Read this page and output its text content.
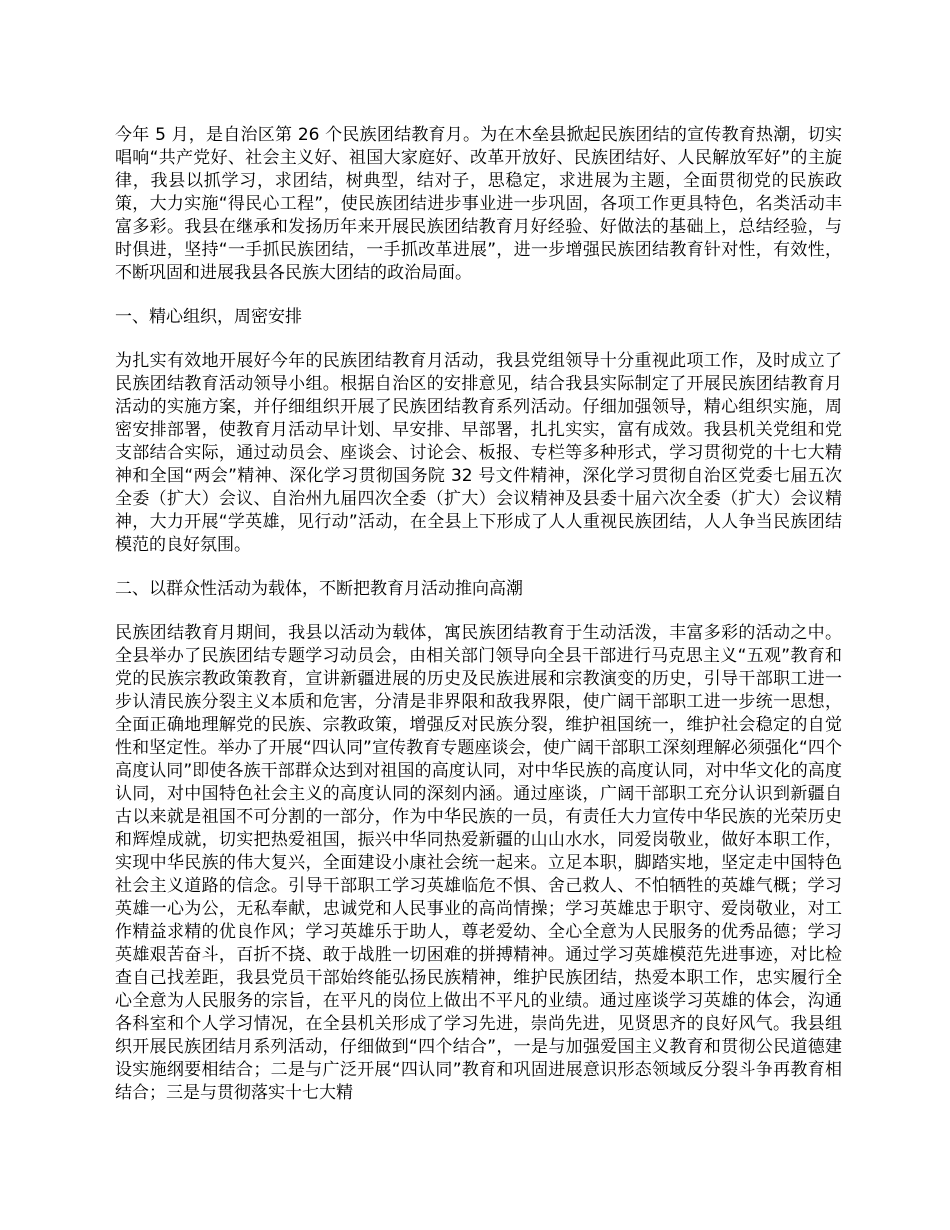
今年 5 月，是自治区第 26 个民族团结教育月。为在木垒县掀起民族团结的宣传教育热潮，切实唱响“共产党好、社会主义好、祖国大家庭好、改革开放好、民族团结好、人民解放军好”的主旋律，我县以抓学习，求团结，树典型，结对子，思稳定，求进展为主题，全面贯彻党的民族政策，大力实施“得民心工程”，使民族团结进步事业进一步巩固，各项工作更具特色，名类活动丰富多彩。我县在继承和发扬历年来开展民族团结教育月好经验、好做法的基础上，总结经验，与时俱进，坚持“一手抓民族团结，一手抓改革进展”，进一步增强民族团结教育针对性，有效性，不断巩固和进展我县各民族大团结的政治局面。

一、精心组织，周密安排

为扎实有效地开展好今年的民族团结教育月活动，我县党组领导十分重视此项工作，及时成立了民族团结教育活动领导小组。根据自治区的安排意见，结合我县实际制定了开展民族团结教育月活动的实施方案，并仔细组织开展了民族团结教育系列活动。仔细加强领导，精心组织实施，周密安排部署，使教育月活动早计划、早安排、早部署，扎扎实实，富有成效。我县机关党组和党支部结合实际，通过动员会、座谈会、讨论会、板报、专栏等多种形式，学习贯彻党的十七大精神和全国“两会”精神、深化学习贯彻国务院 32 号文件精神，深化学习贯彻自治区党委七届五次全委（扩大）会议、自治州九届四次全委（扩大）会议精神及县委十届六次全委（扩大）会议精神，大力开展“学英雄，见行动”活动，在全县上下形成了人人重视民族团结，人人争当民族团结模范的良好氛围。

二、以群众性活动为载体，不断把教育月活动推向高潮

民族团结教育月期间，我县以活动为载体，寓民族团结教育于生动活泼，丰富多彩的活动之中。全县举办了民族团结专题学习动员会，由相关部门领导向全县干部进行马克思主义“五观”教育和党的民族宗教政策教育，宣讲新疆进展的历史及民族进展和宗教演变的历史，引导干部职工进一步认清民族分裂主义本质和危害，分清是非界限和敌我界限，使广阔干部职工进一步统一思想，全面正确地理解党的民族、宗教政策，增强反对民族分裂，维护祖国统一，维护社会稳定的自觉性和坚定性。举办了开展“四认同”宣传教育专题座谈会，使广阔干部职工深刻理解必须强化“四个高度认同”即使各族干部群众达到对祖国的高度认同，对中华民族的高度认同，对中华文化的高度认同，对中国特色社会主义的高度认同的深刻内涵。通过座谈，广阔干部职工充分认识到新疆自古以来就是祖国不可分割的一部分，作为中华民族的一员，有责任大力宣传中华民族的光荣历史和辉煌成就，切实把热爱祖国，振兴中华同热爱新疆的山山水水，同爱岗敬业，做好本职工作，实现中华民族的伟大复兴，全面建设小康社会统一起来。立足本职，脚踏实地，坚定走中国特色社会主义道路的信念。引导干部职工学习英雄临危不惧、舍己救人、不怕牺牲的英雄气概；学习英雄一心为公，无私奉献，忠诚党和人民事业的高尚情操；学习英雄忠于职守、爱岗敬业，对工作精益求精的优良作风；学习英雄乐于助人，尊老爱幼、全心全意为人民服务的优秀品德；学习英雄艰苦奋斗，百折不挠、敢于战胜一切困难的拼搏精神。通过学习英雄模范先进事迹，对比检查自己找差距，我县党员干部始终能弘扬民族精神，维护民族团结，热爱本职工作，忠实履行全心全意为人民服务的宗旨，在平凡的岗位上做出不平凡的业绩。通过座谈学习英雄的体会，沟通各科室和个人学习情况，在全县机关形成了学习先进，崇尚先进，见贤思齐的良好风气。我县组织开展民族团结月系列活动，仔细做到“四个结合”，一是与加强爱国主义教育和贯彻公民道德建设实施纲要相结合；二是与广泛开展“四认同”教育和巩固进展意识形态领域反分裂斗争再教育相结合；三是与贯彻落实十七大精
